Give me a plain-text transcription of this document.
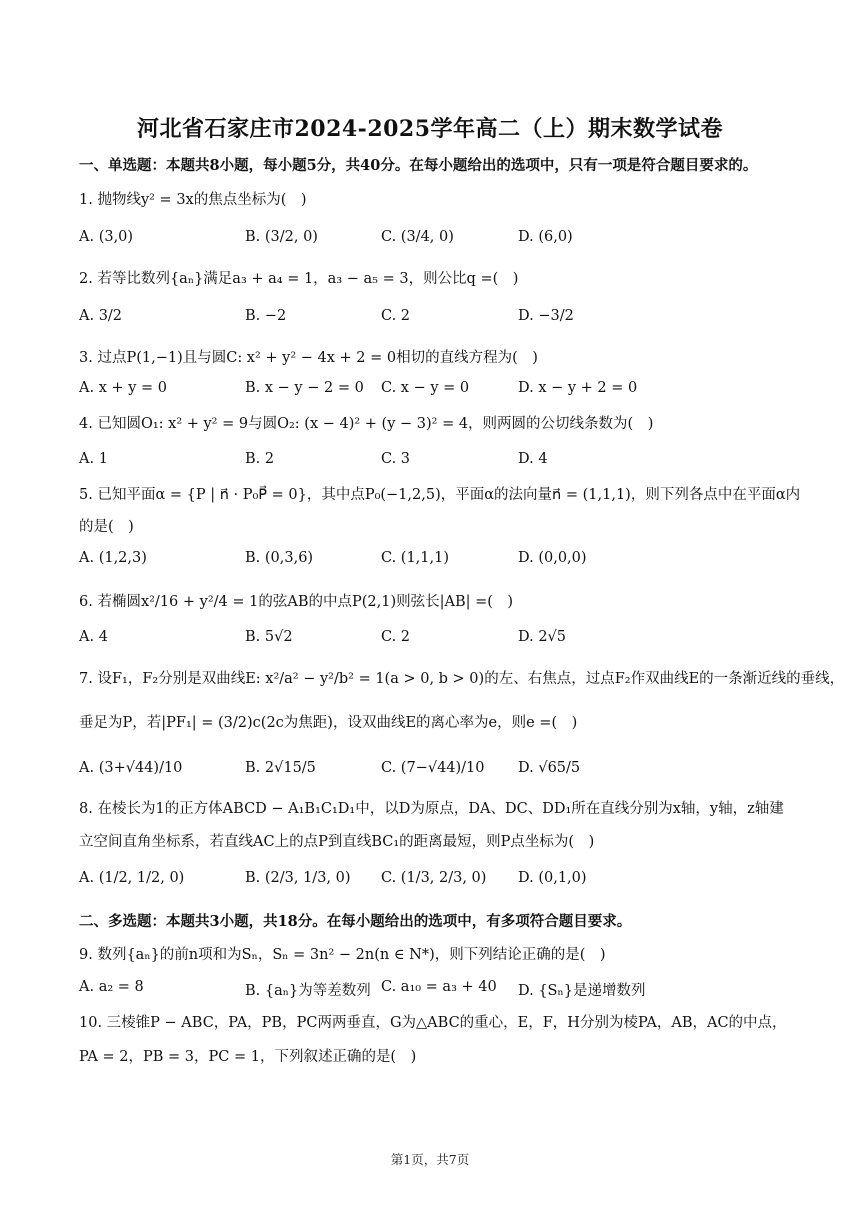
河北省石家庄市2024-2025学年高二（上）期末数学试卷
一、单选题：本题共8小题，每小题5分，共40分。在每小题给出的选项中，只有一项是符合题目要求的。
1. 抛物线y² = 3x的焦点坐标为(　)
A. (3,0)	B. (3/2, 0)	C. (3/4, 0)	D. (6,0)
2. 若等比数列{aₙ}满足a₃ + a₄ = 1，a₃ − a₅ = 3，则公比q =(　)
A. 3/2	B. −2	C. 2	D. −3/2
3. 过点P(1,−1)且与圆C: x² + y² − 4x + 2 = 0相切的直线方程为(　)
A. x + y = 0	B. x − y − 2 = 0 C. x − y = 0	D. x − y + 2 = 0
4. 已知圆O₁: x² + y² = 9与圆O₂: (x − 4)² + (y − 3)² = 4，则两圆的公切线条数为(　)
A. 1	B. 2	C. 3	D. 4
5. 已知平面α = {P | n⃗ · P₀P⃗ = 0}，其中点P₀(−1,2,5)，平面α的法向量n⃗ = (1,1,1)，则下列各点中在平面α内
的是(　)
A. (1,2,3)	B. (0,3,6)	C. (1,1,1)	D. (0,0,0)
6. 若椭圆x²/16 + y²/4 = 1的弦AB的中点P(2,1)则弦长|AB| =(　)
A. 4	B. 5√2	C. 2	D. 2√5
7. 设F₁，F₂分别是双曲线E: x²/a² − y²/b² = 1(a > 0, b > 0)的左、右焦点，过点F₂作双曲线E的一条渐近线的垂线，
垂足为P，若|PF₁| = (3/2)c(2c为焦距)，设双曲线E的离心率为e，则e =(　)
A. (3+√44)/10	B. 2√15/5	C. (7−√44)/10 D. √65/5
8. 在棱长为1的正方体ABCD − A₁B₁C₁D₁中，以D为原点，DA、DC、DD₁所在直线分别为x轴，y轴，z轴建
立空间直角坐标系，若直线AC上的点P到直线BC₁的距离最短，则P点坐标为(　)
A. (1/2, 1/2, 0)	B. (2/3, 1/3, 0) C. (1/3, 2/3, 0) D. (0,1,0)
二、多选题：本题共3小题，共18分。在每小题给出的选项中，有多项符合题目要求。
9. 数列{aₙ}的前n项和为Sₙ，Sₙ = 3n² − 2n(n ∈ N*)，则下列结论正确的是(　)
A. a₂ = 8	B. {aₙ}为等差数列 C. a₁₀ = a₃ + 40 D. {Sₙ}是递增数列
10. 三棱锥P − ABC，PA，PB，PC两两垂直，G为△ABC的重心，E，F，H分别为棱PA，AB，AC的中点，
PA = 2，PB = 3，PC = 1，下列叙述正确的是(　)
第1页，共7页
